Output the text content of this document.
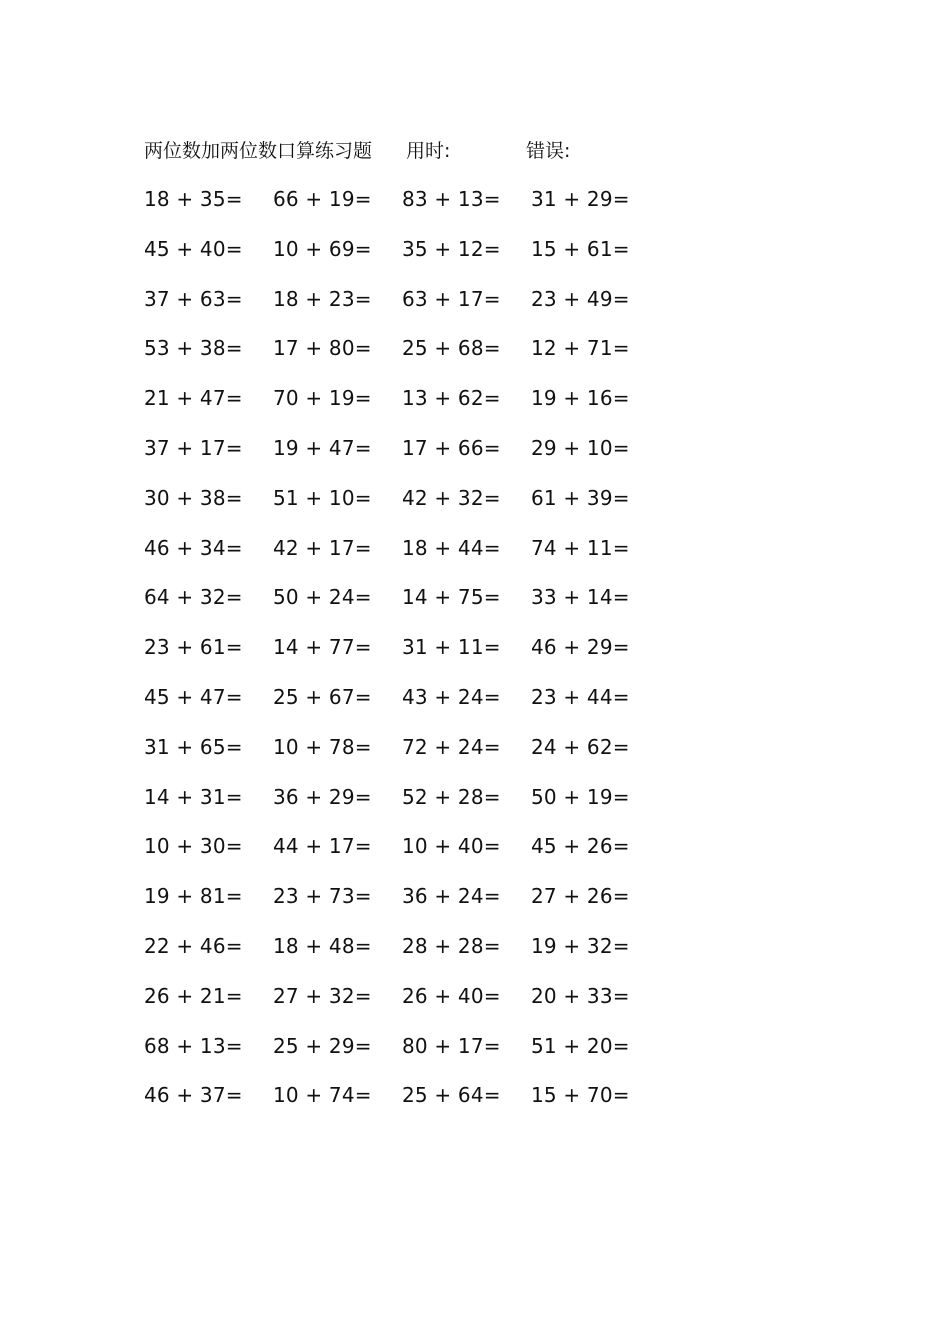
两位数加两位数口算练习题 用时:	错误:
18 + 35=	66 + 19=	83 + 13=	31 + 29=
45 + 40=	10 + 69=	35 + 12=	15 + 61=
37 + 63=	18 + 23=	63 + 17=	23 + 49=
53 + 38=	17 + 80=	25 + 68=	12 + 71=
21 + 47=	70 + 19=	13 + 62=	19 + 16=
37 + 17=	19 + 47=	17 + 66=	29 + 10=
30 + 38=	51 + 10=	42 + 32=	61 + 39=
46 + 34=	42 + 17=	18 + 44=	74 + 11=
64 + 32=	50 + 24=	14 + 75=	33 + 14=
23 + 61=	14 + 77=	31 + 11=	46 + 29=
45 + 47=	25 + 67=	43 + 24=	23 + 44=
31 + 65=	10 + 78=	72 + 24=	24 + 62=
14 + 31=	36 + 29=	52 + 28=	50 + 19=
10 + 30=	44 + 17=	10 + 40=	45 + 26=
19 + 81=	23 + 73=	36 + 24=	27 + 26=
22 + 46=	18 + 48=	28 + 28=	19 + 32=
26 + 21=	27 + 32=	26 + 40=	20 + 33=
68 + 13=	25 + 29=	80 + 17=	51 + 20=
46 + 37=	10 + 74=	25 + 64=	15 + 70=
